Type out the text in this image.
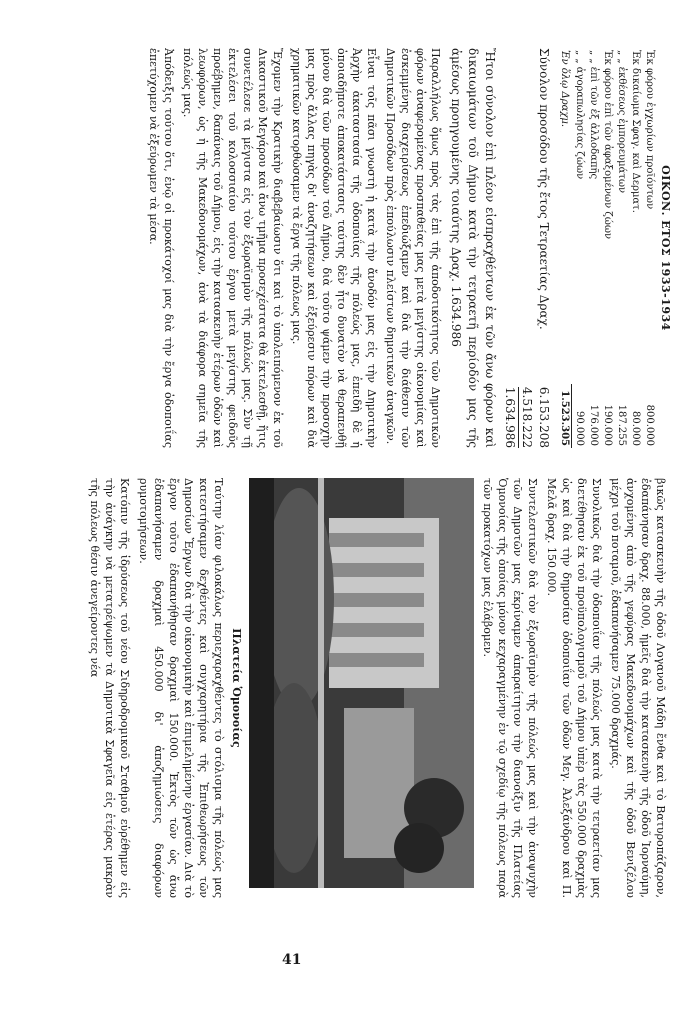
ΟΙΚΟΝ. ΕΤΟΣ 1933-1934
Ἐκ φόρου ἐγχωρίων προϊόντων	800.000
Ἐκ δικαίωμα Σφαγ. καὶ Δερματ.	80.000
„ „ ἐκθέσεως ἐμπορευμάτων	187.255
Ἐκ φόρου ἐπὶ τῶν ἀφαξομένων ζώων	190.000
„ „ ἐπὶ τῶν ἐξ ἀλλοδαπῆς	176.000
„ „ ἀγοραπωλησίας ζώων	90.000
Ἐν ὅλῳ Δραχμ.	1.523.305
Σύνολον προσόδου τῆς ἔτος Τετραετίας Δραχ.
6.153.208
4.518.222
1.634.986

Ἤτοι σύνολον ἐπὶ πλέον εἰσπραχθέντων ἐκ τῶν ἄνω φόρων καὶ δικαιωμάτων τοῦ Δήμου κατὰ τὴν τετραετῆ περίοδόν μας τῆς ἀμέσως προηγουμένης τοιαύτης Δραχ. 1.634.986

Παραλλήλως ὅμως πρὸς τὰς ἐπὶ τῆς ἀποδοτικότητος τῶν Δημοτικῶν φόρων ἀναφερομένας προσπαθείας μας μετὰ μεγίστης οἰκονομίας καὶ ἐσκεμμένης διαχειρίσεως ἐπεδιώξαμεν καὶ διὰ τὴν διάθεσιν τῶν Δημοτικῶν Προσόδων πρὸς ἐπούλωσιν πλείστων δημοτικῶν ἀναγκῶν.

Εἶναι τοῖς πᾶσι γνωστὴ ἡ κατὰ τὴν ἄνοδόν μας εἰς τὴν Δημοτικὴν Ἀρχὴν ἀκαταστασία τῆς ὁδοποιΐας τῆς πόλεώς μας, ἐπειδὴ δὲ ἡ ὁποιαδήποτε ἀποκατάστασις ταύτης δὲν ἦτο δυνατὸν νὰ θεραπευθῇ μόνον διὰ τῶν προσόδων τοῦ Δήμου, διὰ τοῦτο ψάμεν τὴν προσοχὴν μας πρὸς ἄλλας πηγὰς δι' ἀναζητήσεων καὶ ἐξεύρεσιν πόρων καὶ διὰ χρηματικῶν κατορθώσαμεν τὰ ἔργα τῆς πόλεως μας.

Ἔχομεν τὴν Κρατικὴν διαβεβαίωσιν ὅτι καὶ τὸ ὑπολειπόμενον ἐκ τοῦ Δικαστικοῦ Μεγάρου καὶ ἄνω τμῆμα προσεχέστατα θὰ ἐκτελεσθῇ, ἥτις συνετέλεσε τὰ μέγιστα εἰς τὸν ἐξωραϊσμὸν τῆς πόλεώς μας. Σὺν τῇ ἐκτελέσει τοῦ κολοσσιαίου τούτου ἔργου μετὰ μεγίστης φειδοῦς προέβημεν, δαπάναις τοῦ Δήμου, εἰς τὴν κατασκευὴν ἑτέρων ὁδῶν καὶ λεωφόρων, ὡς ἡ τῆς Μακεδονομάχων, ἀνὰ τὰ διάφορα σημεῖα τῆς πόλεώς μας.

Ἀπόδειξις τούτου ὅτι, ἐνῷ οἱ προκάτοχοί μας διὰ τὴν ἔργα ὁδοποιΐας ἐπετύχομεν νὰ ἐξεύρωμεν τὰ μέσα.

βικῶς κατασκευὴν τῆς ὁδοῦ Λογανοῦ Μάδη ἔνθα καὶ τὸ Βατυροπάζαρον, ἐδαπάνησαν δραχ. 88.000, ἡμεῖς διὰ τὴν κατασκευὴν τῆς ὁδοῦ Ἰορναύμη, ἀνχομένης ἀπὸ τῆς γεφύρας Μακεδονομάχων καὶ τῆς ὁδοῦ Βενιζέλου μέχρι τοῦ ποταμοῦ, ἐδαπανήσαμεν 75.000 δραχμάς.

Συνολικῶς διὰ τὴν ὁδοποιΐαν τῆς πόλεώς μας κατὰ τὴν τετραετίαν μας διετέθησαν ἐκ τοῦ προϋπολογισμοῦ τοῦ Δήμου ὑπὲρ τὰς 550.000 δραχμὰς ὡς καὶ διὰ τὴν δημοσίαν ὁδοποιΐαν τῶν ὁδῶν Μεγ. Ἀλεξάνδρου καὶ Π. Μελᾶ δραχ. 150.000.

Συντελεστικῶν διὰ τὸν ἐξωραϊσμὸν τῆς πόλεώς μας καὶ τὴν ἀναψυχὴν τῶν Δημοτῶν μας ἐκρίναμεν ἀπαραίτητον τὴν διανοίξιν τῆς Πλατείας Ὁμονοίας τῆς ὁποίας μόνον κεχαραγμένην ἐν τῷ σχεδίῳ τῆς πόλεως παρὰ τῶν προκατόχων μας ἐλάβομεν.

Πλατεία Ὁμονοίας

Ταύτην λίαν φιλοκάλως περιεχαραχθέντες τὸ στόλισμα τῆς πόλεώς μας κατεστήσαμεν δεχθέντες καὶ συγχαρητήρια τῆς Ἐπιθεωρήσεως τῶν Δημοσίων Ἔργων διὰ τὴν οἰκονομικὴν καὶ ἐπιμελημένην ἐργασίαν. Διὰ τὸ ἔργον τοῦτο ἐδαπανήθησαν δραχμαὶ 150.000. Ἐκτὸς τῶν ὡς ἄνω ἐδαπανήσαμεν δραχμαὶ 450.000 δι' ἀποζημιώσεις διαφόρων ρυμοτομήσεων.

Κατόπιν τῆς ἱδρύσεως τοῦ νέου Σιδηροδρομικοῦ Σταθμοῦ εὑρέθημεν εἰς τὴν ἀνάγκην νὰ μετατρέψωμεν τὰ Δημοτικὰ Σφαγεῖα εἰς ἑτέρας μακρὰν τῆς πόλεως θέσιν ἀνεγείροντες νέα

41
